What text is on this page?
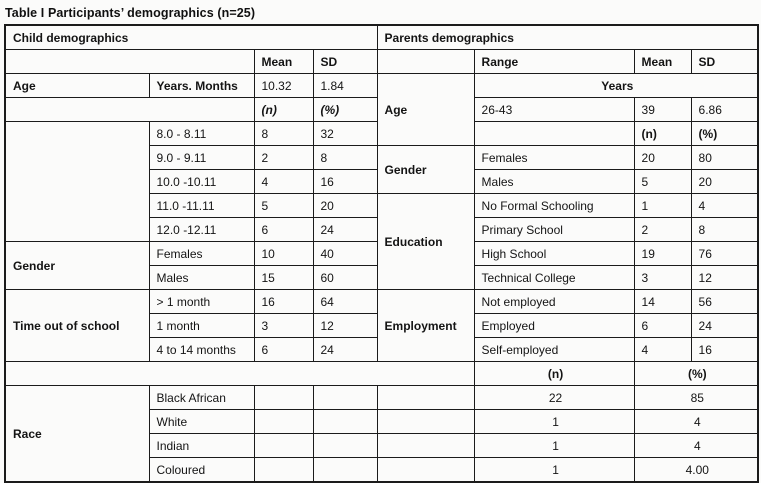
Table I Participants’ demographics (n=25)
Child demographics				Parents demographics			
		Mean	SD		Range	Mean	SD
Age	Years. Months	10.32	1.84	Age	Years		
		(n)	(%)		26-43	39	6.86
	8.0 - 8.11	8	32			(n)	(%)
	9.0 - 9.11	2	8	Gender	Females	20	80
	10.0 -10.11	4	16		Males	5	20
	11.0 -11.11	5	20	Education	No Formal Schooling	1	4
	12.0 -12.11	6	24		Primary School	2	8
Gender	Females	10	40		High School	19	76
	Males	15	60		Technical College	3	12
Time out of school	> 1 month	16	64	Employment	Not employed	14	56
	1 month	3	12		Employed	6	24
	4 to 14 months	6	24		Self-employed	4	16
					(n)	(%)	
Race	Black African				22	85	
	White				1	4	
	Indian				1	4	
	Coloured				1	4.00	
